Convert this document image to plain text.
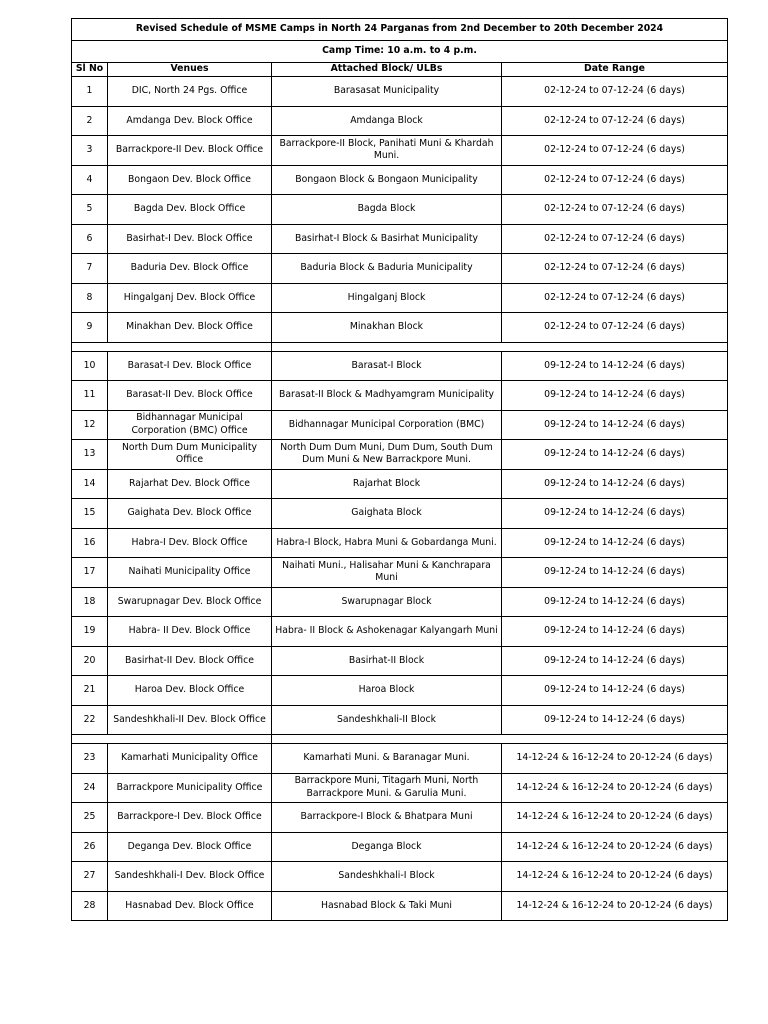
Revised Schedule of MSME Camps in North 24 Parganas from 2nd December to 20th December 2024			
Camp Time: 10 a.m. to 4 p.m.			
Sl No	Venues	Attached Block/ ULBs	Date Range
1	DIC, North 24 Pgs. Office	Barasasat Municipality	02-12-24 to 07-12-24 (6 days)
2	Amdanga Dev. Block Office	Amdanga Block	02-12-24 to 07-12-24 (6 days)
3	Barrackpore-II Dev. Block Office	Barrackpore-II Block, Panihati Muni & Khardah Muni.	02-12-24 to 07-12-24 (6 days)
4	Bongaon Dev. Block Office	Bongaon Block & Bongaon Municipality	02-12-24 to 07-12-24 (6 days)
5	Bagda Dev. Block Office	Bagda Block	02-12-24 to 07-12-24 (6 days)
6	Basirhat-I Dev. Block Office	Basirhat-I Block & Basirhat Municipality	02-12-24 to 07-12-24 (6 days)
7	Baduria Dev. Block Office	Baduria Block & Baduria Municipality	02-12-24 to 07-12-24 (6 days)
8	Hingalganj Dev. Block Office	Hingalganj Block	02-12-24 to 07-12-24 (6 days)
9	Minakhan Dev. Block Office	Minakhan Block	02-12-24 to 07-12-24 (6 days)

10	Barasat-I Dev. Block Office	Barasat-I Block	09-12-24 to 14-12-24 (6 days)
11	Barasat-II Dev. Block Office	Barasat-II Block & Madhyamgram Municipality	09-12-24 to 14-12-24 (6 days)
12	Bidhannagar Municipal Corporation (BMC) Office	Bidhannagar Municipal Corporation (BMC)	09-12-24 to 14-12-24 (6 days)
13	North Dum Dum Municipality Office	North Dum Dum Muni, Dum Dum, South Dum Dum Muni & New Barrackpore Muni.	09-12-24 to 14-12-24 (6 days)
14	Rajarhat Dev. Block Office	Rajarhat Block	09-12-24 to 14-12-24 (6 days)
15	Gaighata Dev. Block Office	Gaighata Block	09-12-24 to 14-12-24 (6 days)
16	Habra-I Dev. Block Office	Habra-I Block, Habra Muni & Gobardanga Muni.	09-12-24 to 14-12-24 (6 days)
17	Naihati Municipality Office	Naihati Muni., Halisahar Muni & Kanchrapara Muni	09-12-24 to 14-12-24 (6 days)
18	Swarupnagar Dev. Block Office	Swarupnagar Block	09-12-24 to 14-12-24 (6 days)
19	Habra- II Dev. Block Office	Habra- II Block & Ashokenagar Kalyangarh Muni	09-12-24 to 14-12-24 (6 days)
20	Basirhat-II Dev. Block Office	Basirhat-II Block	09-12-24 to 14-12-24 (6 days)
21	Haroa Dev. Block Office	Haroa Block	09-12-24 to 14-12-24 (6 days)
22	Sandeshkhali-II Dev. Block Office	Sandeshkhali-II Block	09-12-24 to 14-12-24 (6 days)

23	Kamarhati Municipality Office	Kamarhati Muni. & Baranagar Muni.	14-12-24 & 16-12-24 to 20-12-24 (6 days)
24	Barrackpore Municipality Office	Barrackpore Muni, Titagarh Muni, North Barrackpore Muni. & Garulia Muni.	14-12-24 & 16-12-24 to 20-12-24 (6 days)
25	Barrackpore-I Dev. Block Office	Barrackpore-I Block & Bhatpara Muni	14-12-24 & 16-12-24 to 20-12-24 (6 days)
26	Deganga Dev. Block Office	Deganga Block	14-12-24 & 16-12-24 to 20-12-24 (6 days)
27	Sandeshkhali-I Dev. Block Office	Sandeshkhali-I Block	14-12-24 & 16-12-24 to 20-12-24 (6 days)
28	Hasnabad Dev. Block Office	Hasnabad Block & Taki Muni	14-12-24 & 16-12-24 to 20-12-24 (6 days)
